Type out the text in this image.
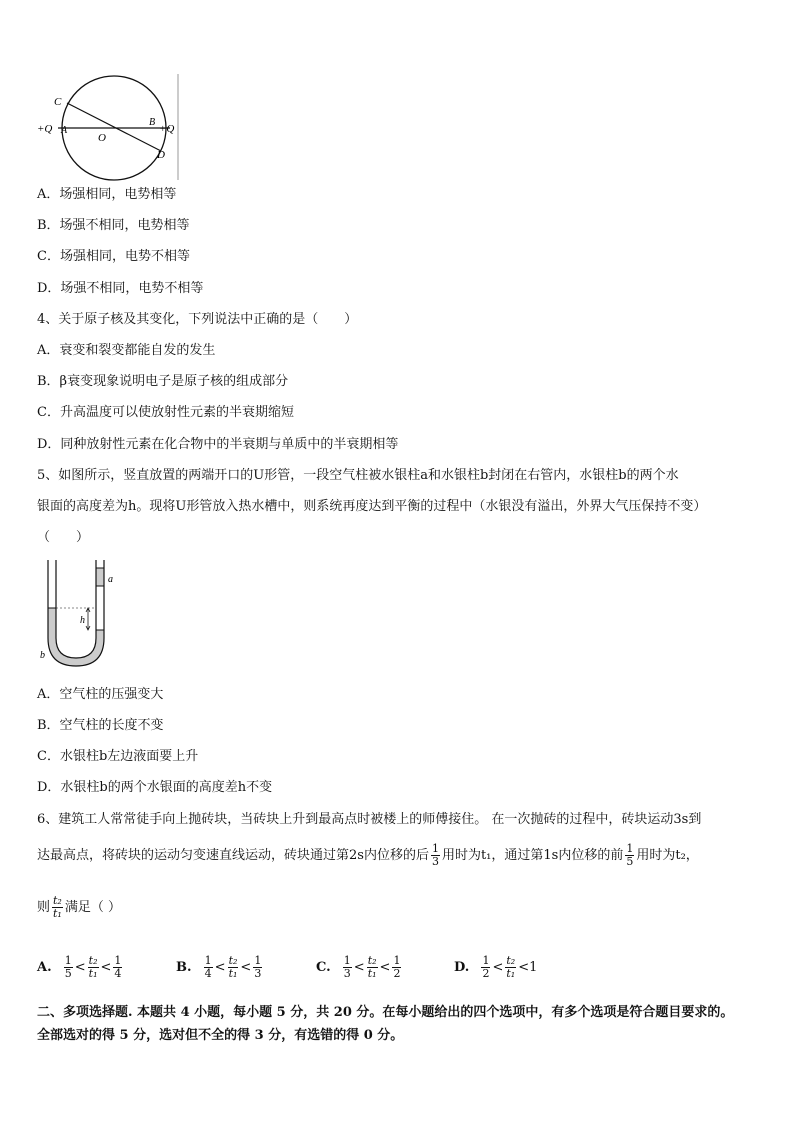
C
+Q A
O
B
+Q
D
A．场强相同，电势相等
B．场强不相同，电势相等
C．场强相同，电势不相等
D．场强不相同，电势不相等
4、关于原子核及其变化，下列说法中正确的是（　　）
A．衰变和裂变都能自发的发生
B．β衰变现象说明电子是原子核的组成部分
C．升高温度可以使放射性元素的半衰期缩短
D．同种放射性元素在化合物中的半衰期与单质中的半衰期相等
5、如图所示，竖直放置的两端开口的U形管，一段空气柱被水银柱a和水银柱b封闭在右管内，水银柱b的两个水
银面的高度差为h。现将U形管放入热水槽中，则系统再度达到平衡的过程中（水银没有溢出，外界大气压保持不变）
（　　）
h
a
b
A．空气柱的压强变大
B．空气柱的长度不变
C．水银柱b左边液面要上升
D．水银柱b的两个水银面的高度差h不变
6、建筑工人常常徒手向上抛砖块，当砖块上升到最高点时被楼上的师傅接住。 在一次抛砖的过程中，砖块运动3s到
达最高点，将砖块的运动匀变速直线运动，砖块通过第2s内位移的后 $\frac{1}{3}$ 用时为t₁，通过第1s内位移的前 $\frac{1}{5}$ 用时为t₂，
则 $\frac{\text{t₂}}{\text{t₁}}$ 满足（ ）
A. $\frac{1}{5} < \frac{\text{t₂}}{\text{t₁}} < \frac{1}{4}$	B. $\frac{1}{4} < \frac{\text{t₂}}{\text{t₁}} < \frac{1}{3}$	C. $\frac{1}{3} < \frac{\text{t₂}}{\text{t₁}} < \frac{1}{2}$	D. $\frac{1}{2} < \frac{\text{t₂}}{\text{t₁}} <1$
二、多项选择题. 本题共 4 小题，每小题 5 分，共 20 分。在每小题给出的四个选项中，有多个选项是符合题目要求的。
全部选对的得 5 分，选对但不全的得 3 分，有选错的得 0 分。
